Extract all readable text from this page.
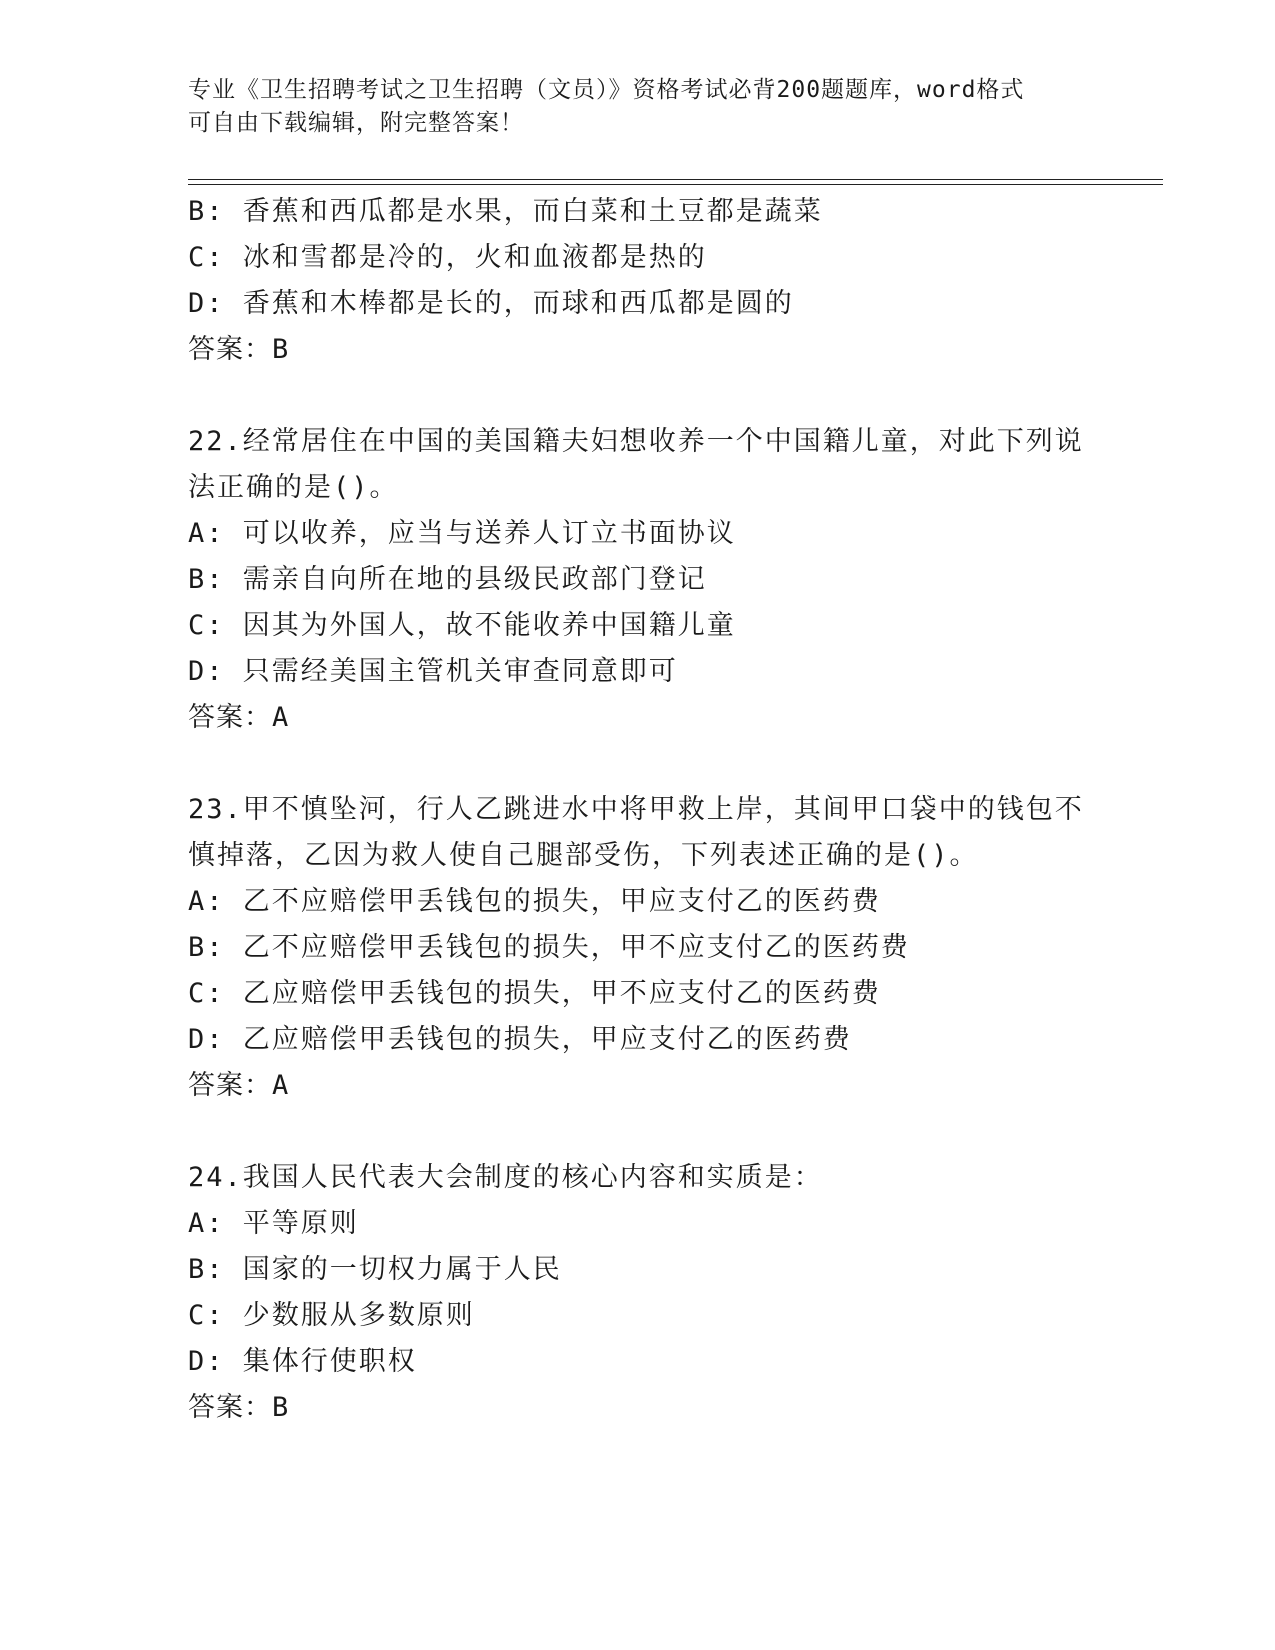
专业《卫生招聘考试之卫生招聘（文员）》资格考试必背200题题库，word格式
可自由下载编辑，附完整答案！
B: 香蕉和西瓜都是水果，而白菜和土豆都是蔬菜
C: 冰和雪都是冷的，火和血液都是热的
D: 香蕉和木棒都是长的，而球和西瓜都是圆的
答案：B
22.经常居住在中国的美国籍夫妇想收养一个中国籍儿童，对此下列说
法正确的是()。
A: 可以收养，应当与送养人订立书面协议
B: 需亲自向所在地的县级民政部门登记
C: 因其为外国人，故不能收养中国籍儿童
D: 只需经美国主管机关审查同意即可
答案：A
23.甲不慎坠河，行人乙跳进水中将甲救上岸，其间甲口袋中的钱包不
慎掉落，乙因为救人使自己腿部受伤，下列表述正确的是()。
A: 乙不应赔偿甲丢钱包的损失，甲应支付乙的医药费
B: 乙不应赔偿甲丢钱包的损失，甲不应支付乙的医药费
C: 乙应赔偿甲丢钱包的损失，甲不应支付乙的医药费
D: 乙应赔偿甲丢钱包的损失，甲应支付乙的医药费
答案：A
24.我国人民代表大会制度的核心内容和实质是：
A: 平等原则
B: 国家的一切权力属于人民
C: 少数服从多数原则
D: 集体行使职权
答案：B
